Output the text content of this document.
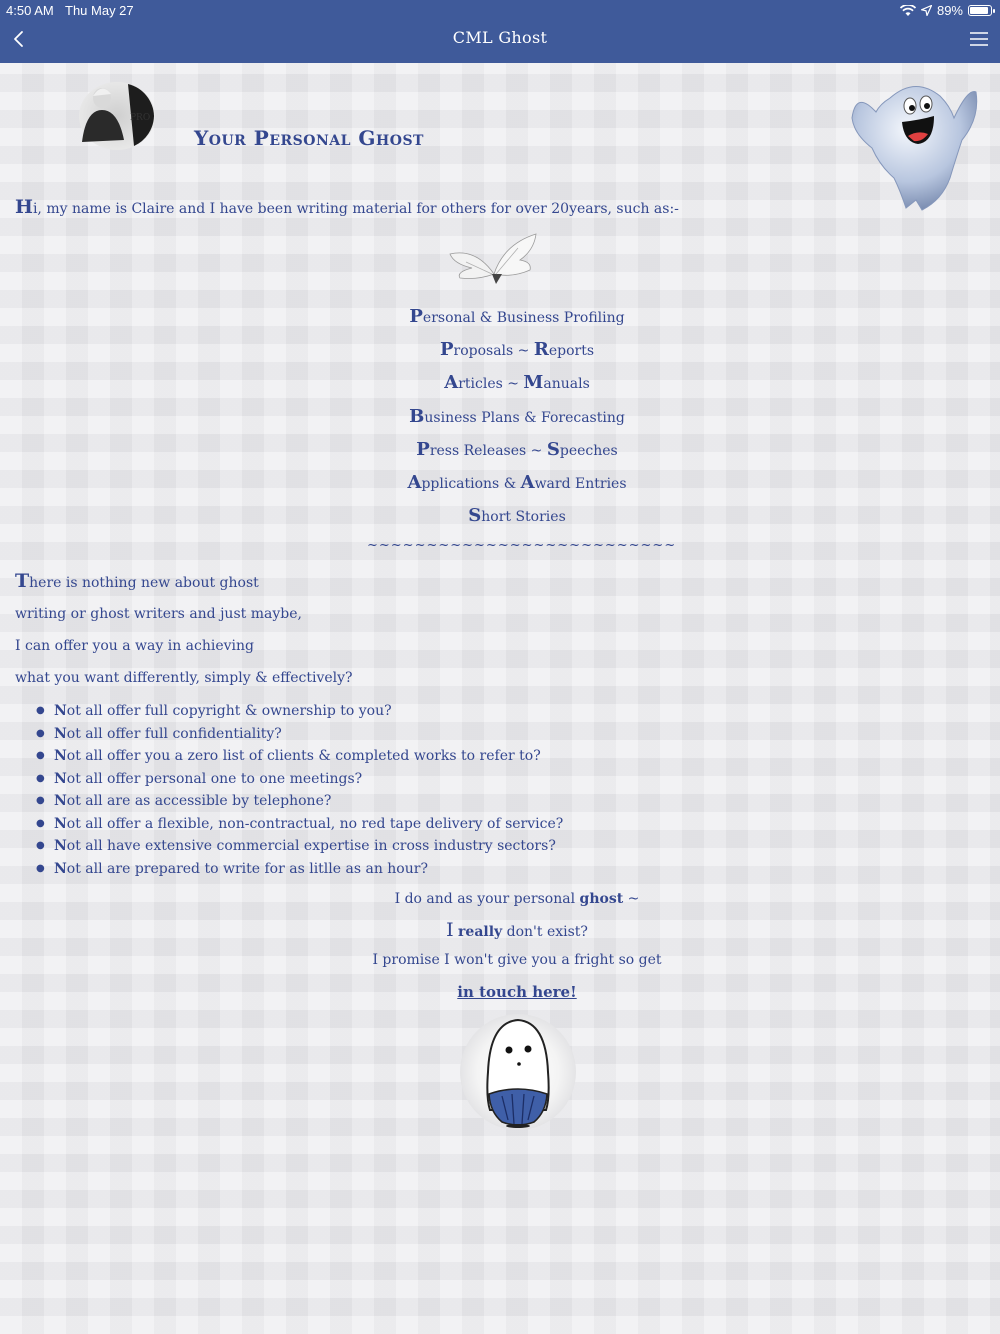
4:50 AM Thu May 27	89%
CML Ghost
PRO
Your Personal Ghost
Hi, my name is Claire and I have been writing material for others for over 20years, such as:-
Personal & Business Profiling
Proposals ~ Reports
Articles ~ Manuals
Business Plans & Forecasting
Press Releases ~ Speeches
Applications & Award Entries
Short Stories
~~~~~~~~~~~~~~~~~~~~~~~~~~
There is nothing new about ghost
writing or ghost writers and just maybe,
I can offer you a way in achieving
what you want differently, simply & effectively?
● Not all offer full copyright & ownership to you?
● Not all offer full confidentiality?
● Not all offer you a zero list of clients & completed works to refer to?
● Not all offer personal one to one meetings?
● Not all are as accessible by telephone?
● Not all offer a flexible, non-contractual, no red tape delivery of service?
● Not all have extensive commercial expertise in cross industry sectors?
● Not all are prepared to write for as litlle as an hour?
I do and as your personal ghost ~
I really don't exist?
I promise I won't give you a fright so get
in touch here!
